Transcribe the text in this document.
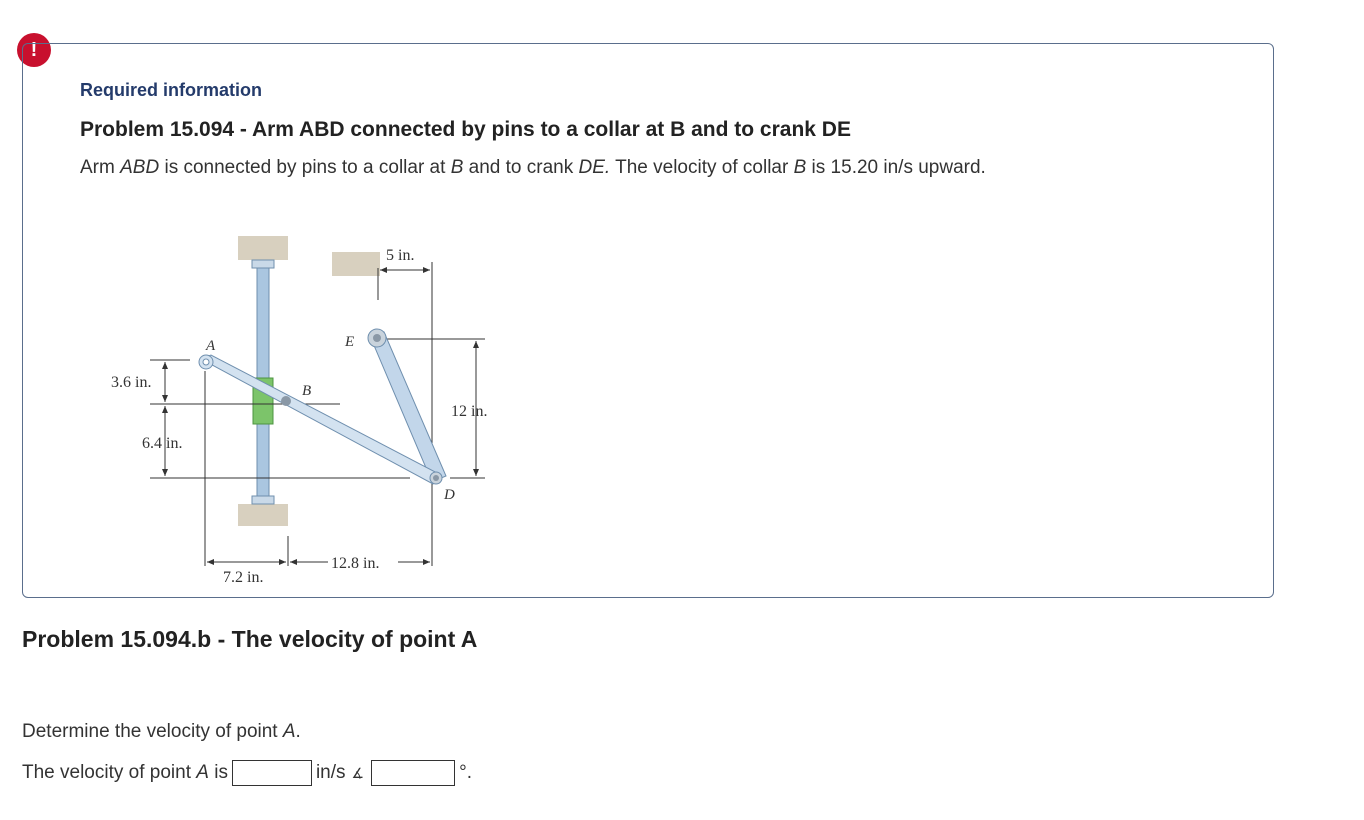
!
Required information
Problem 15.094 - Arm ABD connected by pins to a collar at B and to crank DE
Arm ABD is connected by pins to a collar at B and to crank DE. The velocity of collar B is 15.20 in/s upward.
A
B
D
E
5 in.
3.6 in.
6.4 in.
12 in.
7.2 in.
12.8 in.
Problem 15.094.b - The velocity of point A
Determine the velocity of point A.
The velocity of point A is	in/s ∡	°.
